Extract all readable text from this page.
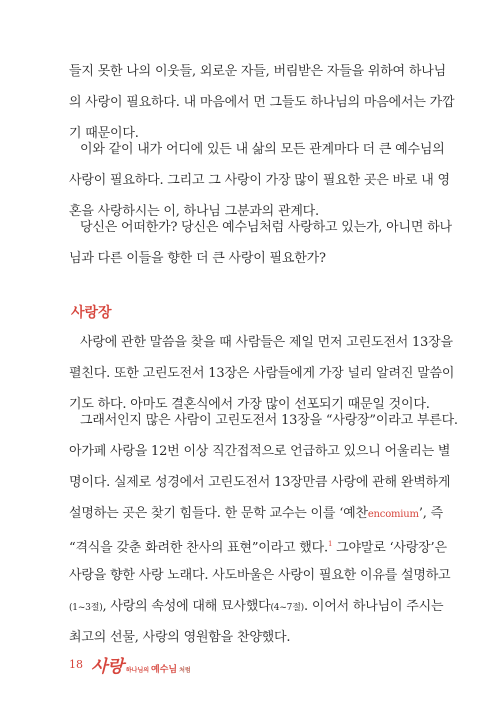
들지 못한 나의 이웃들, 외로운 자들, 버림받은 자들을 위하여 하나님
의 사랑이 필요하다. 내 마음에서 먼 그들도 하나님의 마음에서는 가깝
기 때문이다.
이와 같이 내가 어디에 있든 내 삶의 모든 관계마다 더 큰 예수님의
사랑이 필요하다. 그리고 그 사랑이 가장 많이 필요한 곳은 바로 내 영
혼을 사랑하시는 이, 하나님 그분과의 관계다.
당신은 어떠한가? 당신은 예수님처럼 사랑하고 있는가, 아니면 하나
님과 다른 이들을 향한 더 큰 사랑이 필요한가?
사랑장
사랑에 관한 말씀을 찾을 때 사람들은 제일 먼저 고린도전서 13장을
펼친다. 또한 고린도전서 13장은 사람들에게 가장 널리 알려진 말씀이
기도 하다. 아마도 결혼식에서 가장 많이 선포되기 때문일 것이다.
그래서인지 많은 사람이 고린도전서 13장을 “사랑장”이라고 부른다.
아가페 사랑을 12번 이상 직간접적으로 언급하고 있으니 어울리는 별
명이다. 실제로 성경에서 고린도전서 13장만큼 사랑에 관해 완벽하게
설명하는 곳은 찾기 힘들다. 한 문학 교수는 이를 ‘예찬encomium’, 즉
“격식을 갖춘 화려한 찬사의 표현”이라고 했다.$^1$ 그야말로 ‘사랑장’은
사랑을 향한 사랑 노래다. 사도바울은 사랑이 필요한 이유를 설명하고
(1~3절), 사랑의 속성에 대해 묘사했다(4~7절). 이어서 하나님이 주시는
최고의 선물, 사랑의 영원함을 찬양했다.
18 사랑 하나님의 예수님 처럼
